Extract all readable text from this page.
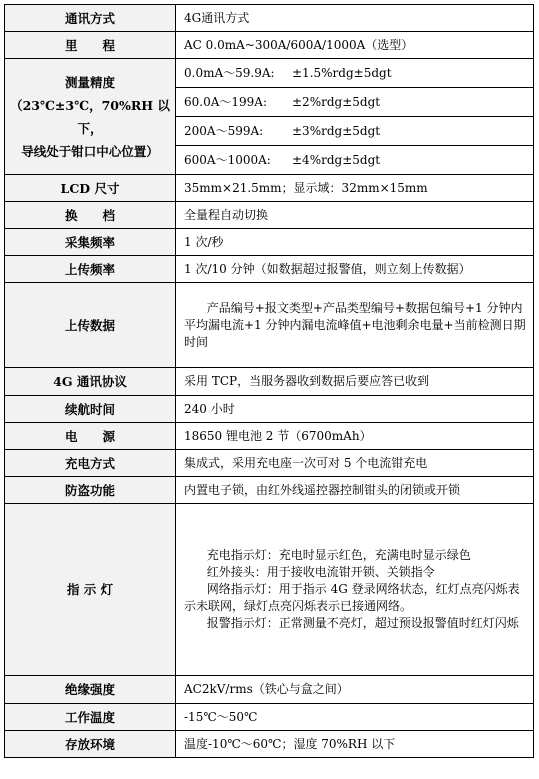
通讯方式	4G通讯方式
里　　程	AC 0.0mA~300A/600A/1000A（选型）

测量精度
（23℃±3℃，70%RH 以下，
导线处于钳口中心位置）	0.0mA～59.9A: ±1.5%rdg±5dgt
	60.0A～199A: ±2%rdg±5dgt
	200A～599A: ±3%rdg±5dgt
	600A～1000A: ±4%rdg±5dgt
LCD 尺寸	35mm×21.5mm；显示域：32mm×15mm
换　　档	全量程自动切换
采集频率	1 次/秒
上传频率	1 次/10 分钟（如数据超过报警值，则立刻上传数据）
上传数据	产品编号+报文类型+产品类型编号+数据包编号+1 分钟内平均漏电流+1 分钟内漏电流峰值+电池剩余电量+当前检测日期时间

4G 通讯协议	采用 TCP，当服务器收到数据后要应答已收到
续航时间	240 小时
电　　源	18650 锂电池 2 节（6700mAh）
充电方式	集成式，采用充电座一次可对 5 个电流钳充电
防盗功能	内置电子锁，由红外线遥控器控制钳头的闭锁或开锁
指 示 灯	充电指示灯：充电时显示红色，充满电时显示绿色
红外接头：用于接收电流钳开锁、关锁指令
网络指示灯：用于指示 4G 登录网络状态，红灯点亮闪烁表示未联网，绿灯点亮闪烁表示已接通网络。
报警指示灯：正常测量不亮灯，超过预设报警值时红灯闪烁

绝缘强度	AC2kV/rms（铁心与盒之间）
工作温度	-15℃～50℃
存放环境	温度-10℃～60℃；湿度 70%RH 以下
